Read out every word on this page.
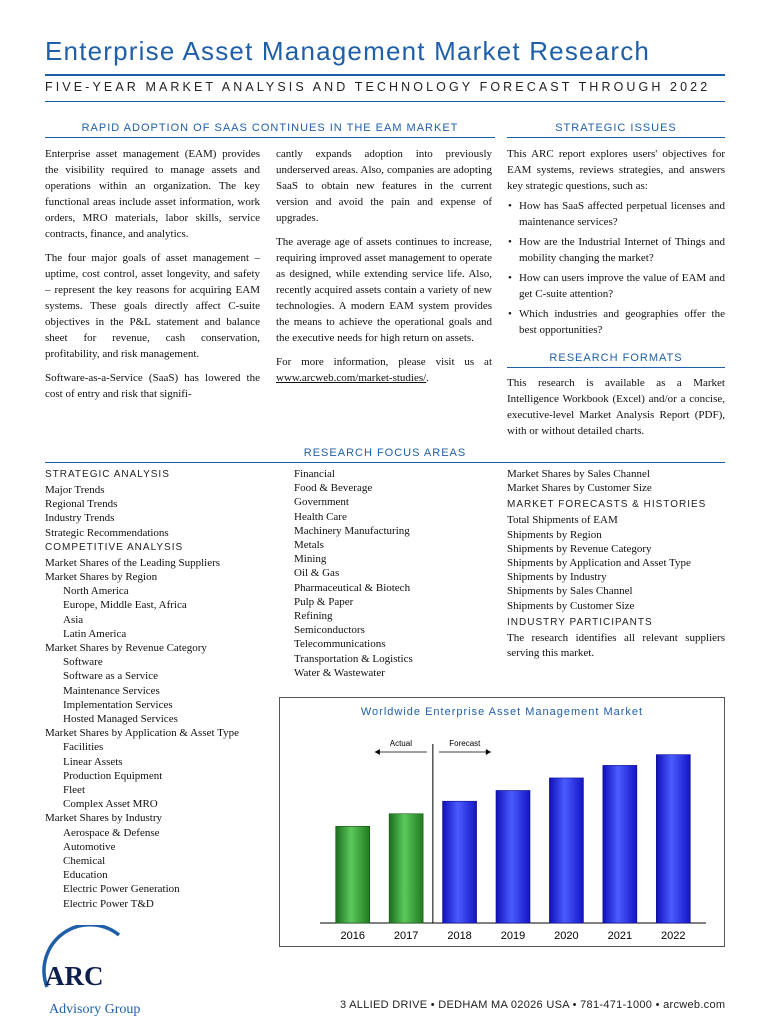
Enterprise Asset Management Market Research
FIVE-YEAR MARKET ANALYSIS AND TECHNOLOGY FORECAST THROUGH 2022
RAPID ADOPTION OF SAAS CONTINUES IN THE EAM MARKET	STRATEGIC ISSUES

Enterprise asset management (EAM) provides the visibility required to manage assets and operations within an organization. The key functional areas include asset information, work orders, MRO materials, labor skills, service contracts, finance, and analytics.

The four major goals of asset management – uptime, cost control, asset longevity, and safety – represent the key reasons for acquiring EAM systems. These goals directly affect C-suite objectives in the P&L statement and balance sheet for revenue, cash conservation, profitability, and risk management.

Software-as-a-Service (SaaS) has lowered the cost of entry and risk that signifi-

cantly expands adoption into previously underserved areas. Also, companies are adopting SaaS to obtain new features in the current version and avoid the pain and expense of upgrades.

The average age of assets continues to increase, requiring improved asset management to operate as designed, while extending service life. Also, recently acquired assets contain a variety of new technologies. A modern EAM system provides the means to achieve the operational goals and the executive needs for high return on assets.

For more information, please visit us at www.arcweb.com/market-studies/.

This ARC report explores users' objectives for EAM systems, reviews strategies, and answers key strategic questions, such as:

• How has SaaS affected perpetual licenses and maintenance services?
• How are the Industrial Internet of Things and mobility changing the market?
• How can users improve the value of EAM and get C-suite attention?
• Which industries and geographies offer the best opportunities?
RESEARCH FORMATS
This research is available as a Market Intelligence Workbook (Excel) and/or a concise, executive-level Market Analysis Report (PDF), with or without detailed charts.
RESEARCH FOCUS AREAS
STRATEGIC ANALYSIS
Major Trends
Regional Trends
Industry Trends
Strategic Recommendations
COMPETITIVE ANALYSIS
Market Shares of the Leading Suppliers
Market Shares by Region
North America
Europe, Middle East, Africa
Asia
Latin America
Market Shares by Revenue Category
Software
Software as a Service
Maintenance Services
Implementation Services
Hosted Managed Services
Market Shares by Application & Asset Type
Facilities
Linear Assets
Production Equipment
Fleet
Complex Asset MRO
Market Shares by Industry
Aerospace & Defense
Automotive
Chemical
Education
Electric Power Generation
Electric Power T&D
Financial
Food & Beverage
Government
Health Care
Machinery Manufacturing
Metals
Mining
Oil & Gas
Pharmaceutical & Biotech
Pulp & Paper
Refining
Semiconductors
Telecommunications
Transportation & Logistics
Water & Wastewater
Market Shares by Sales Channel
Market Shares by Customer Size
MARKET FORECASTS & HISTORIES
Total Shipments of EAM
Shipments by Region
Shipments by Revenue Category
Shipments by Application and Asset Type
Shipments by Industry
Shipments by Sales Channel
Shipments by Customer Size
INDUSTRY PARTICIPANTS
The research identifies all relevant suppliers serving this market.
Worldwide Enterprise Asset Management Market
2016	2017	2018	2019	2020	2021	2022
Actual	Forecast
ARC
Advisory Group	3 ALLIED DRIVE • DEDHAM MA 02026 USA • 781-471-1000 • arcweb.com
